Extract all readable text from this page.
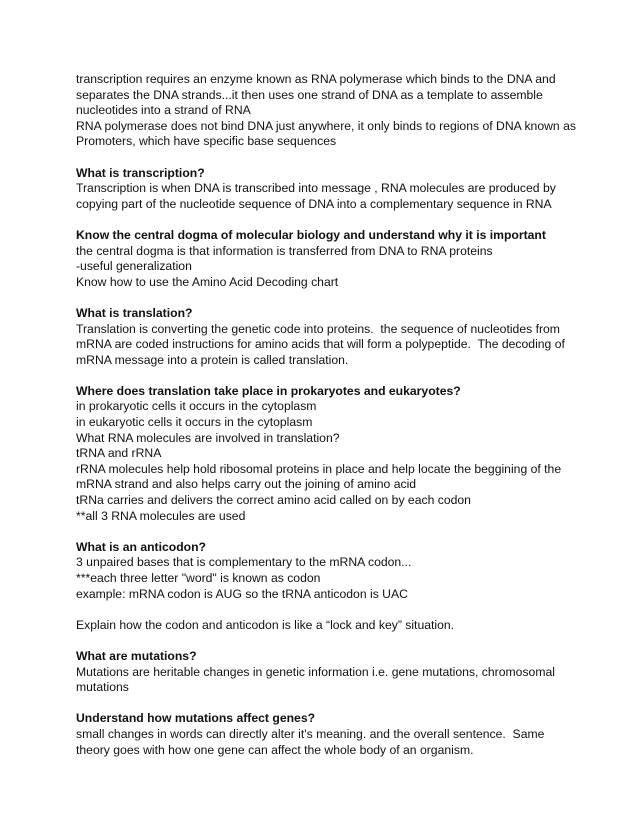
transcription requires an enzyme known as RNA polymerase which binds to the DNA and separates the DNA strands...it then uses one strand of DNA as a template to assemble nucleotides into a strand of RNA
RNA polymerase does not bind DNA just anywhere, it only binds to regions of DNA known as Promoters, which have specific base sequences
What is transcription?
Transcription is when DNA is transcribed into message , RNA molecules are produced by copying part of the nucleotide sequence of DNA into a complementary sequence in RNA
Know the central dogma of molecular biology and understand why it is important
the central dogma is that information is transferred from DNA to RNA proteins
-useful generalization
Know how to use the Amino Acid Decoding chart
What is translation?
Translation is converting the genetic code into proteins.  the sequence of nucleotides from mRNA are coded instructions for amino acids that will form a polypeptide.  The decoding of mRNA message into a protein is called translation.
Where does translation take place in prokaryotes and eukaryotes?
in prokaryotic cells it occurs in the cytoplasm
in eukaryotic cells it occurs in the cytoplasm
What RNA molecules are involved in translation?
tRNA and rRNA
rRNA molecules help hold ribosomal proteins in place and help locate the beggining of the mRNA strand and also helps carry out the joining of amino acid
tRNa carries and delivers the correct amino acid called on by each codon
**all 3 RNA molecules are used
What is an anticodon?
3 unpaired bases that is complementary to the mRNA codon...
***each three letter "word" is known as codon
example: mRNA codon is AUG so the tRNA anticodon is UAC
Explain how the codon and anticodon is like a “lock and key” situation.
What are mutations?
Mutations are heritable changes in genetic information i.e. gene mutations, chromosomal mutations
Understand how mutations affect genes?
small changes in words can directly alter it's meaning. and the overall sentence.  Same theory goes with how one gene can affect the whole body of an organism.
